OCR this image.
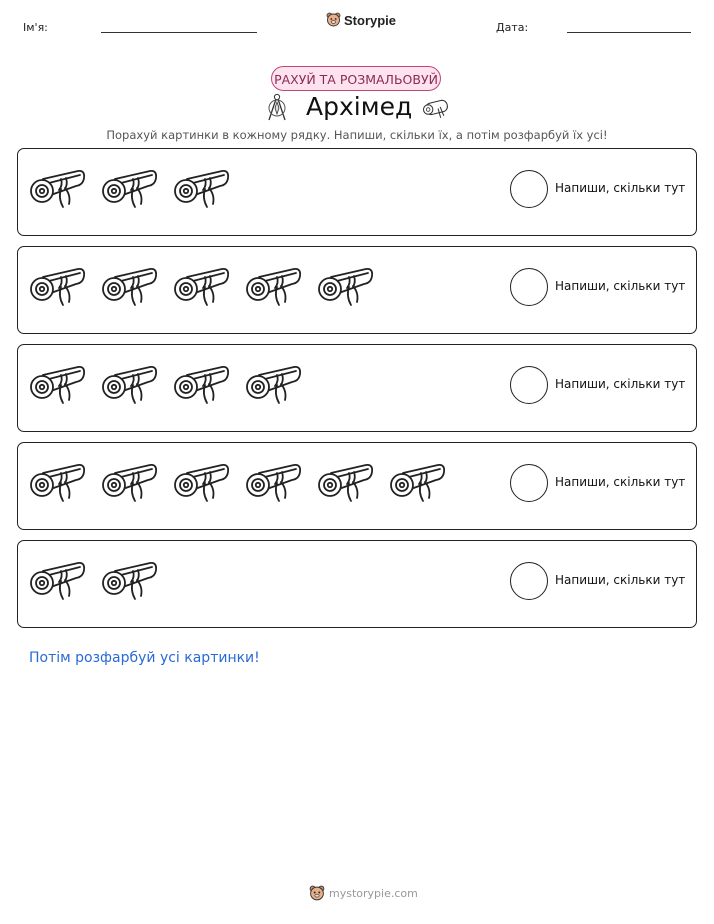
Ім'я:	Storypie	Дата:
РАХУЙ ТА РОЗМАЛЬОВУЙ
Архімед
Порахуй картинки в кожному рядку. Напиши, скільки їх, а потім розфарбуй їх усі!
Напиши, скільки тут
Напиши, скільки тут
Напиши, скільки тут
Напиши, скільки тут
Напиши, скільки тут
Потім розфарбуй усі картинки!
mystorypie.com
